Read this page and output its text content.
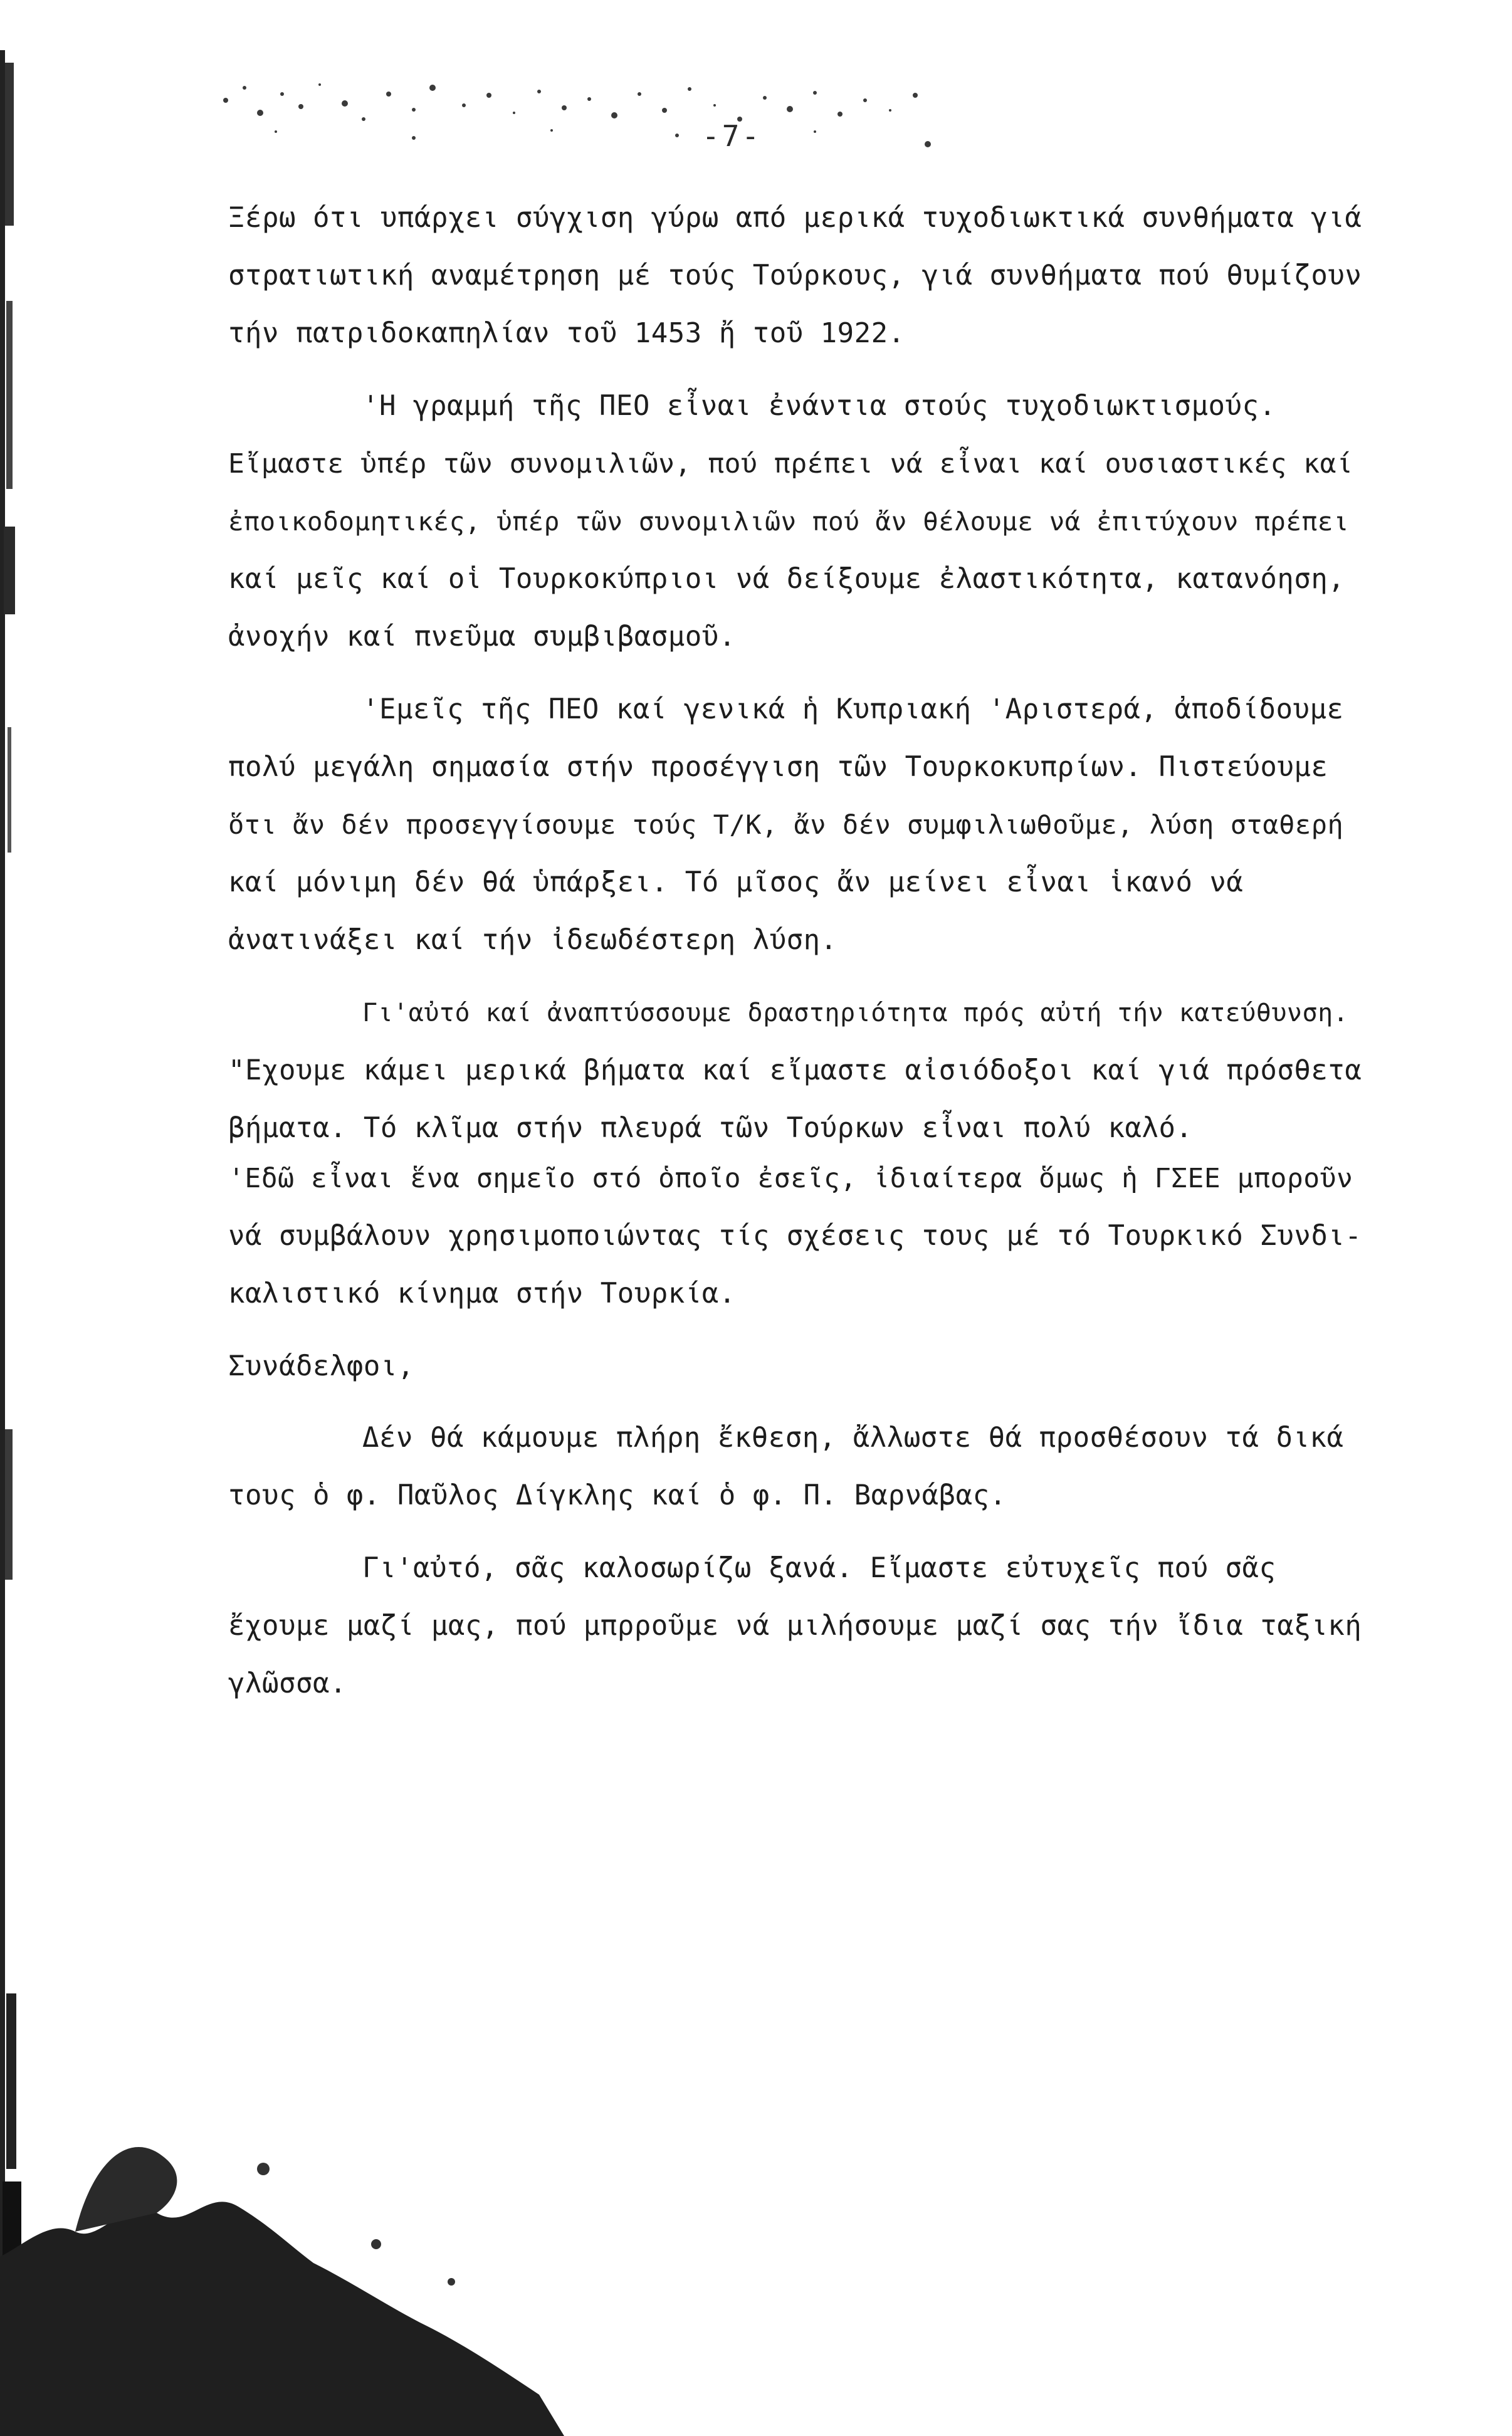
-7-
Ξέρω ότι υπάρχει σύγχιση γύρω από μερικά τυχοδιωκτικά συνθήματα γιά
στρατιωτική αναμέτρηση μέ τούς Τούρκους, γιά συνθήματα πού θυμίζουν
τήν πατριδοκαπηλίαν τοῦ 1453 ἤ τοῦ 1922.
'Η γραμμή τῆς ΠΕΟ εἶναι ἐνάντια στούς τυχοδιωκτισμούς.
Εἴμαστε ὑπέρ τῶν συνομιλιῶν, πού πρέπει νά εἶναι καί ουσιαστικές καί
ἐποικοδομητικές, ὑπέρ τῶν συνομιλιῶν πού ἄν θέλουμε νά ἐπιτύχουν πρέπει
καί μεῖς καί οἱ Τουρκοκύπριοι νά δείξουμε ἐλαστικότητα, κατανόηση,
ἀνοχήν καί πνεῦμα συμβιβασμοῦ.
'Εμεῖς τῆς ΠΕΟ καί γενικά ἡ Κυπριακή 'Αριστερά, ἀποδίδουμε
πολύ μεγάλη σημασία στήν προσέγγιση τῶν Τουρκοκυπρίων. Πιστεύουμε
ὅτι ἄν δέν προσεγγίσουμε τούς Τ/Κ, ἄν δέν συμφιλιωθοῦμε, λύση σταθερή
καί μόνιμη δέν θά ὑπάρξει. Τό μῖσος ἄν μείνει εἶναι ἱκανό νά
ἀνατινάξει καί τήν ἰδεωδέστερη λύση.
Γι'αὐτό καί ἀναπτύσσουμε δραστηριότητα πρός αὐτή τήν κατεύθυνση.
"Εχουμε κάμει μερικά βήματα καί εἴμαστε αἰσιόδοξοι καί γιά πρόσθετα
βήματα. Τό κλῖμα στήν πλευρά τῶν Τούρκων εἶναι πολύ καλό.
'Εδῶ εἶναι ἕνα σημεῖο στό ὁποῖο ἐσεῖς, ἰδιαίτερα ὅμως ἡ ΓΣΕΕ μποροῦν
νά συμβάλουν χρησιμοποιώντας τίς σχέσεις τους μέ τό Τουρκικό Συνδι-
καλιστικό κίνημα στήν Τουρκία.
Συνάδελφοι,
Δέν θά κάμουμε πλήρη ἔκθεση, ἄλλωστε θά προσθέσουν τά δικά
τους ὁ φ. Παῦλος Δίγκλης καί ὁ φ. Π. Βαρνάβας.
Γι'αὐτό, σᾶς καλοσωρίζω ξανά. Εἴμαστε εὐτυχεῖς πού σᾶς
ἔχουμε μαζί μας, πού μπρροῦμε νά μιλήσουμε μαζί σας τήν ἴδια ταξική
γλῶσσα.
